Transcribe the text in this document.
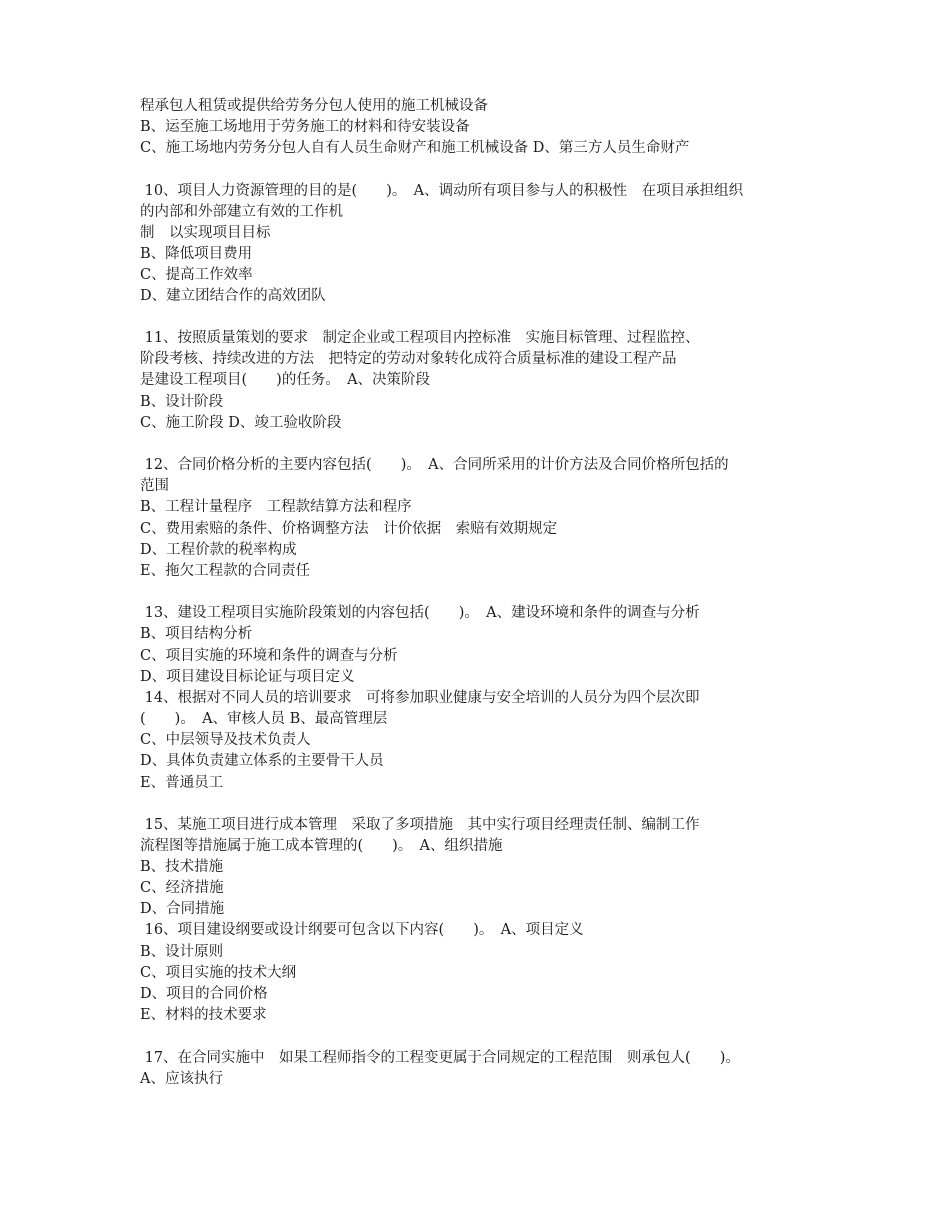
程承包人租赁或提供给劳务分包人使用的施工机械设备
B、运至施工场地用于劳务施工的材料和待安装设备
C、施工场地内劳务分包人自有人员生命财产和施工机械设备 D、第三方人员生命财产
10、项目人力资源管理的目的是(　　)。　A、调动所有项目参与人的积极性　在项目承担组织
的内部和外部建立有效的工作机
制　以实现项目目标
B、降低项目费用
C、提高工作效率
D、建立团结合作的高效团队
11、按照质量策划的要求　制定企业或工程项目内控标准　实施目标管理、过程监控、
阶段考核、持续改进的方法　把特定的劳动对象转化成符合质量标准的建设工程产品
是建设工程项目(　　)的任务。　A、决策阶段
B、设计阶段
C、施工阶段 D、竣工验收阶段
12、合同价格分析的主要内容包括(　　)。　A、合同所采用的计价方法及合同价格所包括的
范围
B、工程计量程序　工程款结算方法和程序
C、费用索赔的条件、价格调整方法　计价依据　索赔有效期规定
D、工程价款的税率构成
E、拖欠工程款的合同责任
13、建设工程项目实施阶段策划的内容包括(　　)。　A、建设环境和条件的调查与分析
B、项目结构分析
C、项目实施的环境和条件的调查与分析
D、项目建设目标论证与项目定义
14、根据对不同人员的培训要求　可将参加职业健康与安全培训的人员分为四个层次即
(　　)。　A、审核人员 B、最高管理层
C、中层领导及技术负责人
D、具体负责建立体系的主要骨干人员
E、普通员工
15、某施工项目进行成本管理　采取了多项措施　其中实行项目经理责任制、编制工作
流程图等措施属于施工成本管理的(　　)。　A、组织措施
B、技术措施
C、经济措施
D、合同措施
16、项目建设纲要或设计纲要可包含以下内容(　　)。　A、项目定义
B、设计原则
C、项目实施的技术大纲
D、项目的合同价格
E、材料的技术要求
17、在合同实施中　如果工程师指令的工程变更属于合同规定的工程范围　则承包人(　　)。
A、应该执行
